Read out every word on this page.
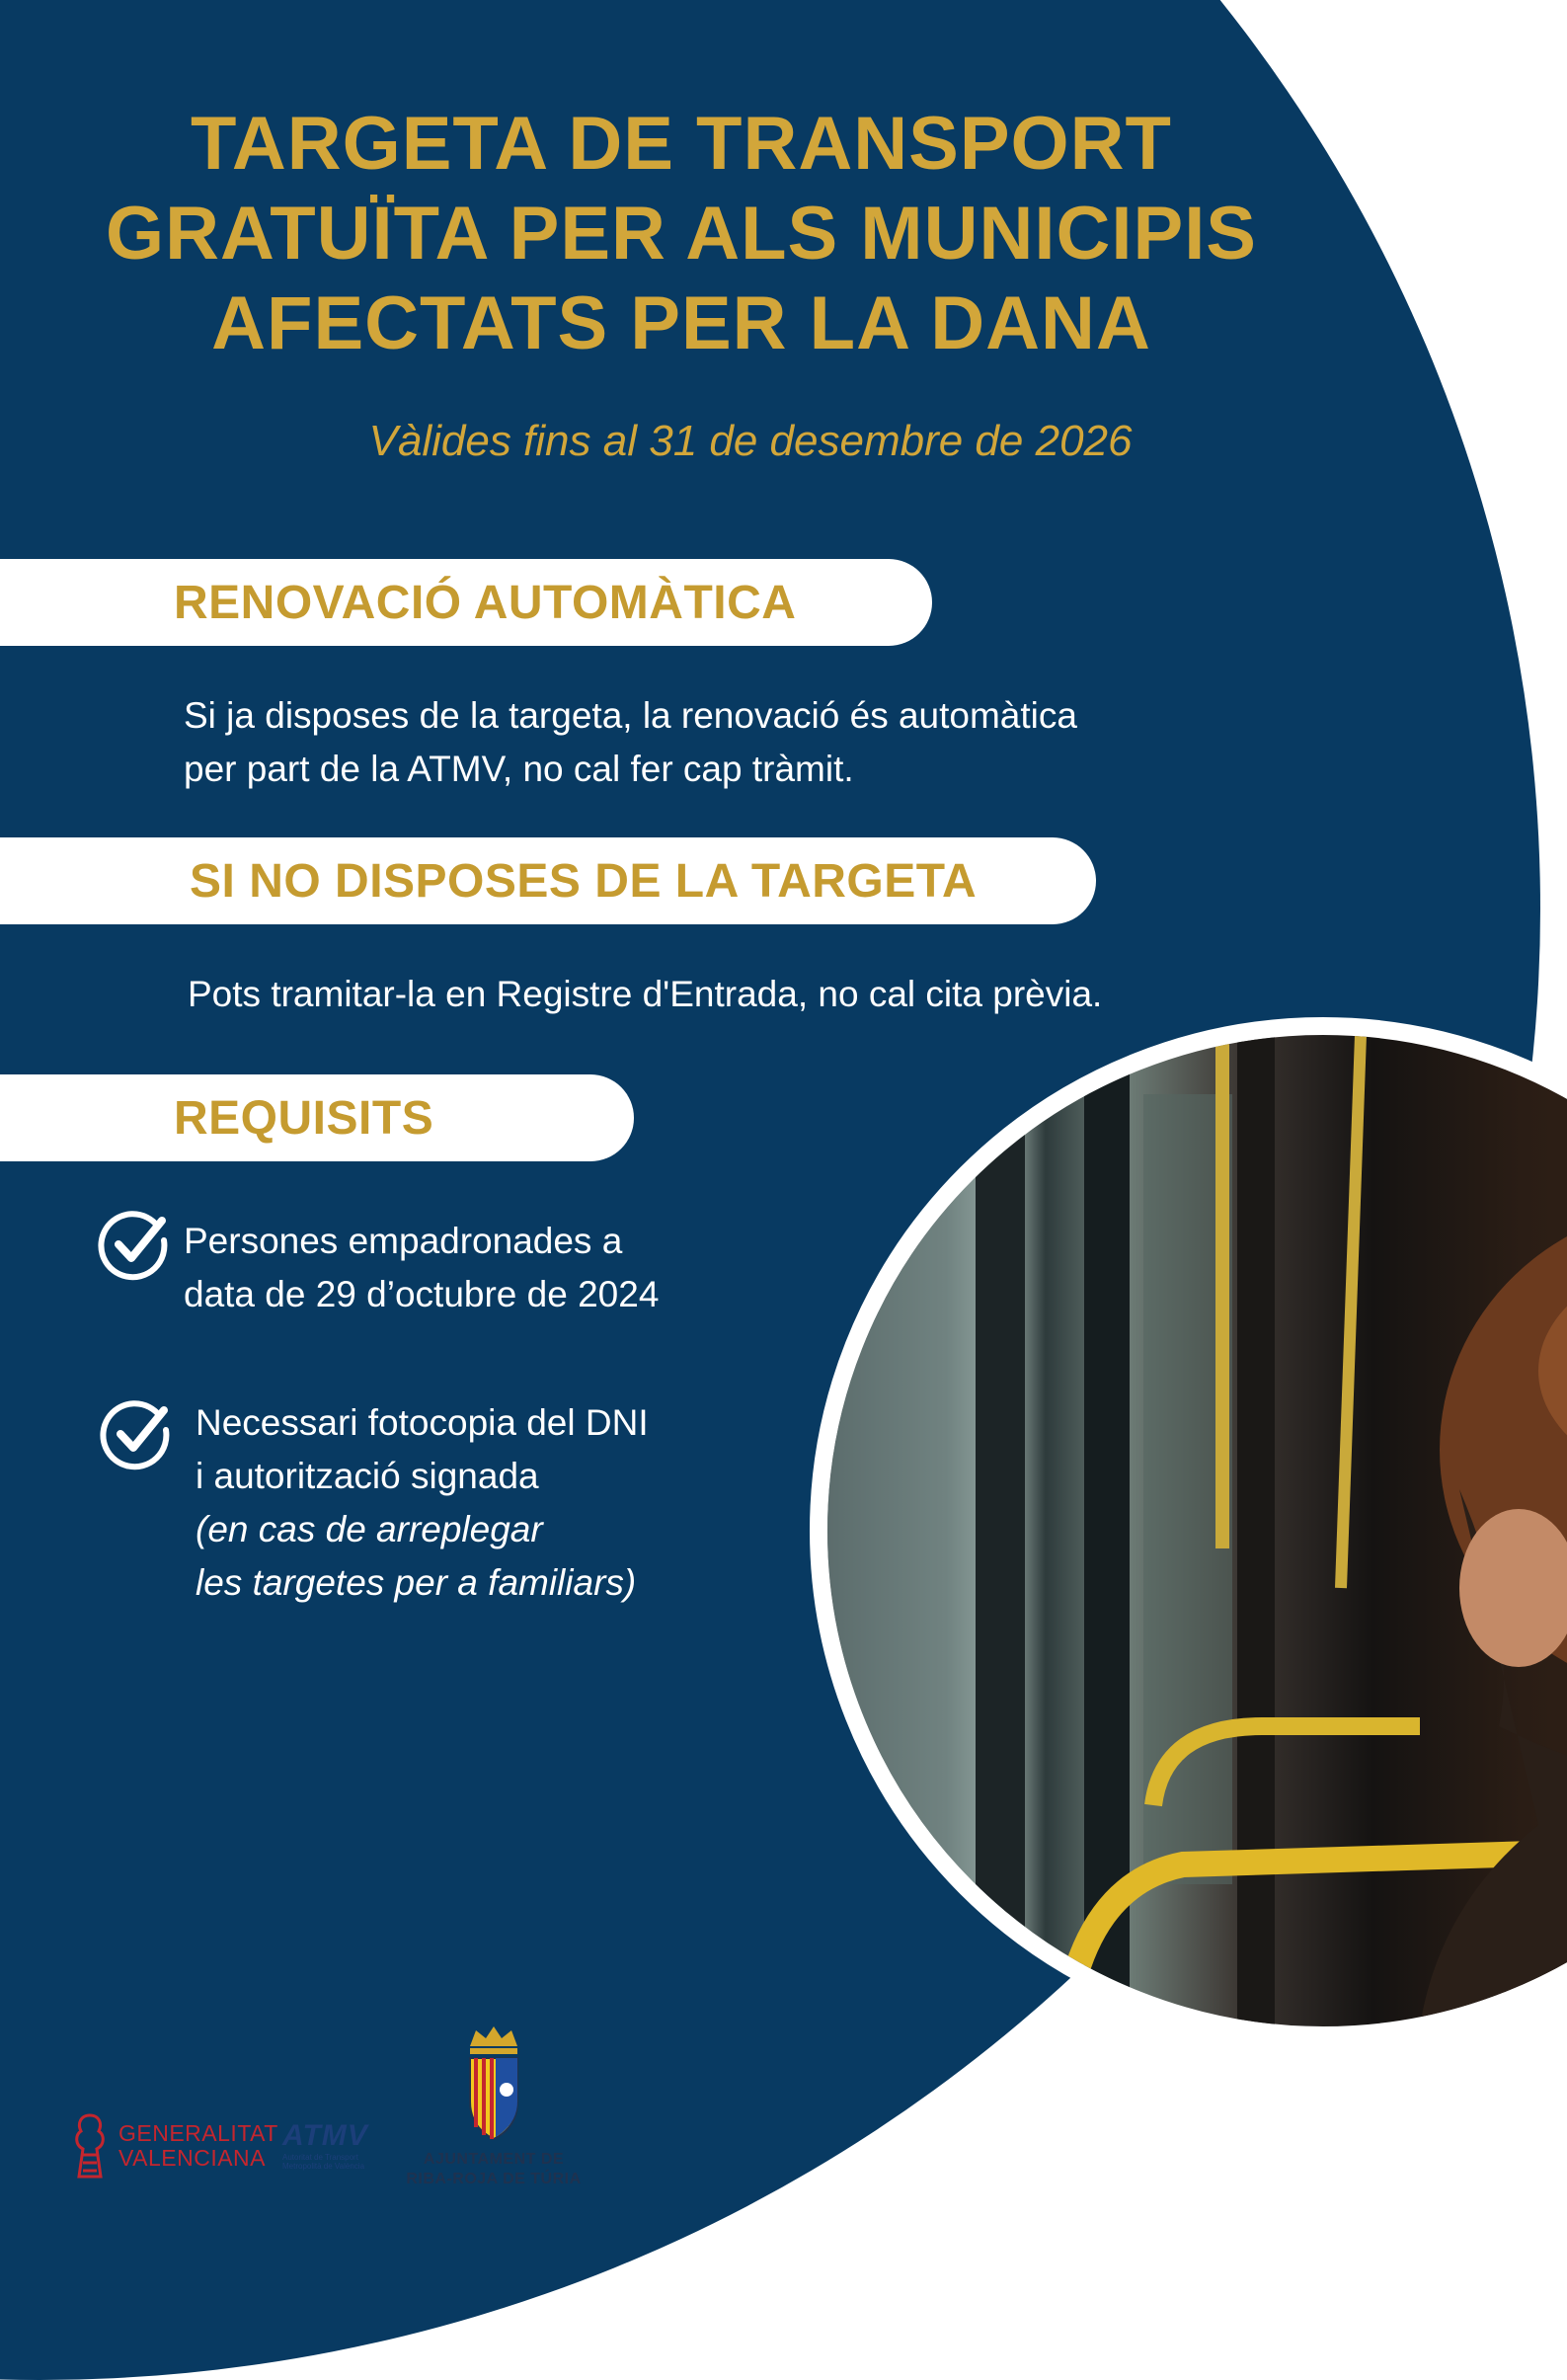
TARGETA DE TRANSPORT
GRATUÏTA PER ALS MUNICIPIS
AFECTATS PER LA DANA
Vàlides fins al 31 de desembre de 2026
RENOVACIÓ AUTOMÀTICA
Si ja disposes de la targeta, la renovació és automàtica
per part de la ATMV, no cal fer cap tràmit.
SI NO DISPOSES DE LA TARGETA
Pots tramitar-la en Registre d'Entrada, no cal cita prèvia.
REQUISITS
Persones empadronades a
data de 29 d’octubre de 2024
Necessari fotocopia del DNI
i autorització signada
(en cas de arreplegar
les targetes per a familiars)
GENERALITAT
VALENCIANA
ATMV
Autoritat de Transport
Metropolità de València	AJUNTAMENT DE
RIBA-ROJA DE TÚRIA
